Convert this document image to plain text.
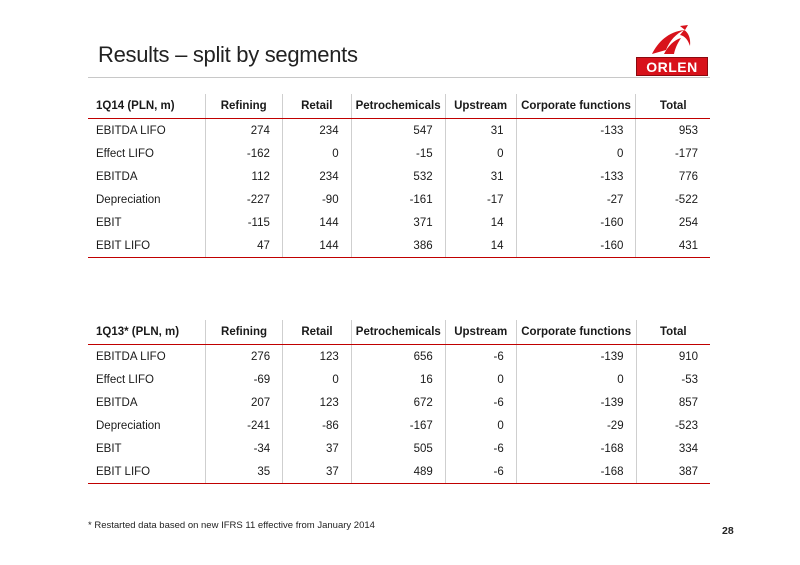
Results – split by segments	ORLEN
1Q14 (PLN, m)	Refining	Retail	Petrochemicals	Upstream	Corporate functions	Total
EBITDA LIFO	274	234	547	31	-133	953
Effect LIFO	-162	0	-15	0	0	-177
EBITDA	112	234	532	31	-133	776
Depreciation	-227	-90	-161	-17	-27	-522
EBIT	-115	144	371	14	-160	254
EBIT LIFO	47	144	386	14	-160	431
1Q13* (PLN, m)	Refining	Retail	Petrochemicals	Upstream	Corporate functions	Total
EBITDA LIFO	276	123	656	-6	-139	910
Effect LIFO	-69	0	16	0	0	-53
EBITDA	207	123	672	-6	-139	857
Depreciation	-241	-86	-167	0	-29	-523
EBIT	-34	37	505	-6	-168	334
EBIT LIFO	35	37	489	-6	-168	387
* Restarted data based on new IFRS 11 effective from January 2014	28
